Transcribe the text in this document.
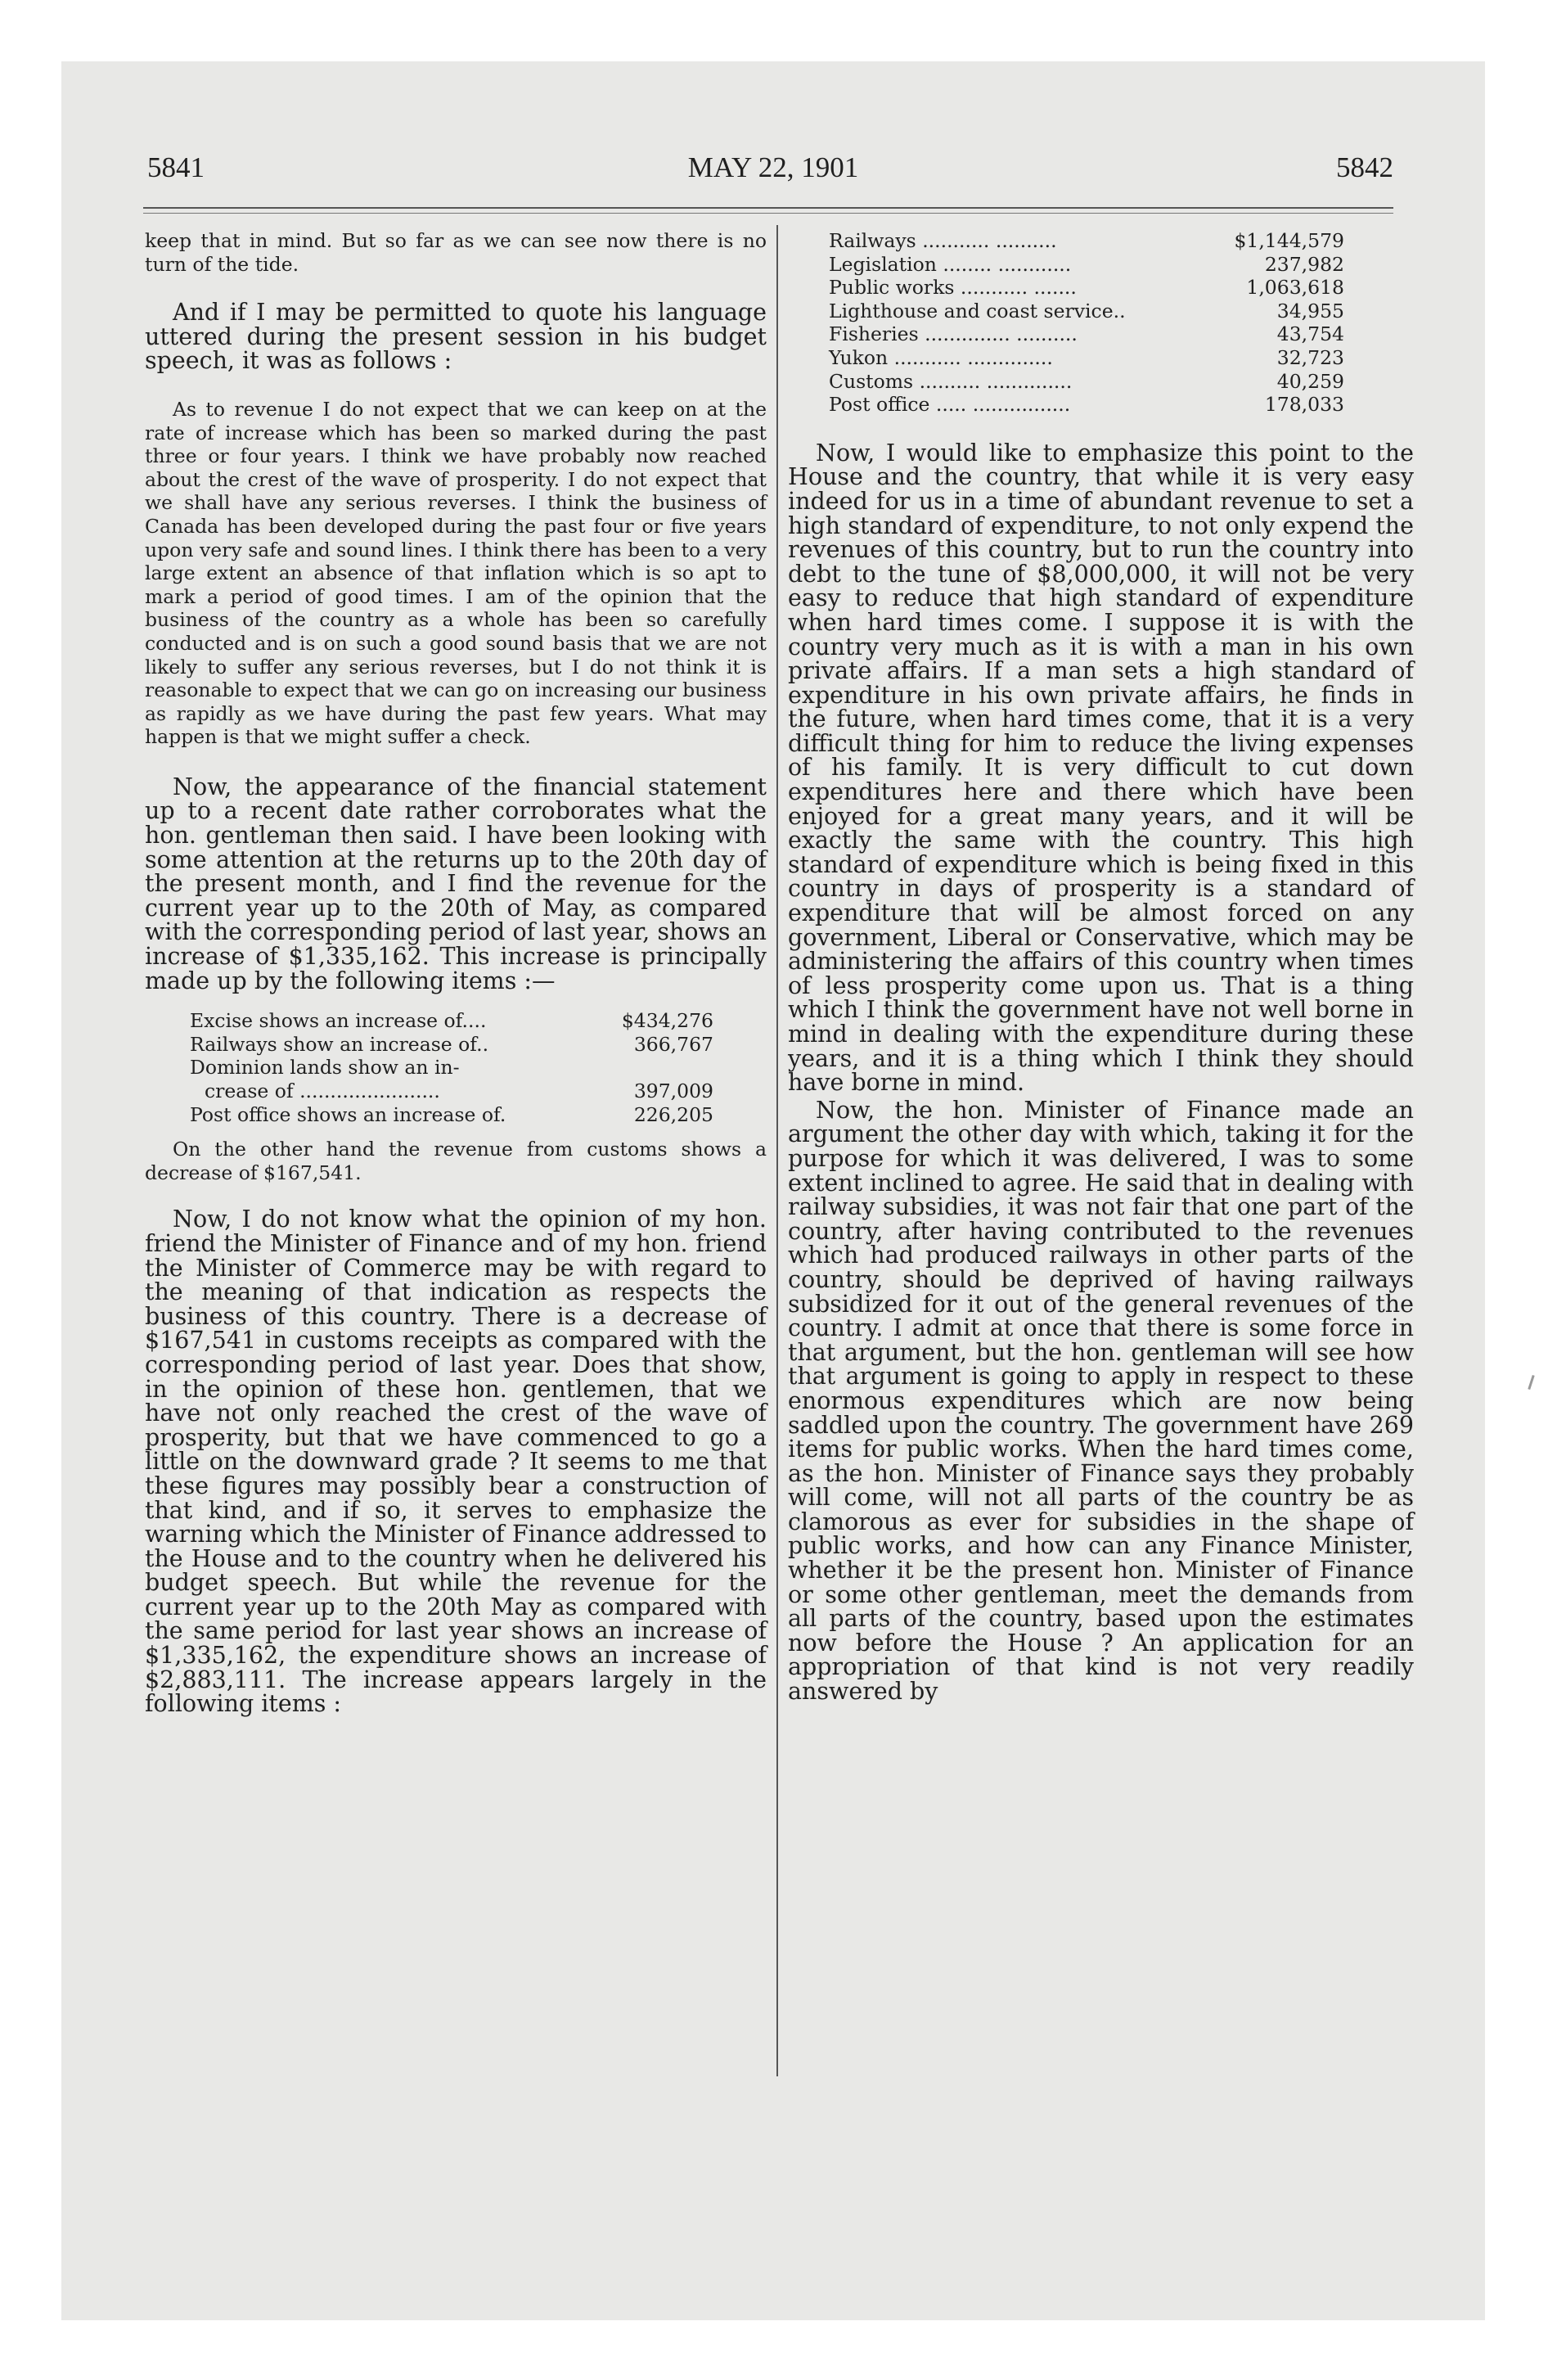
5841	MAY 22, 1901	5842

keep that in mind. But so far as we can see now there is no turn of the tide.

And if I may be permitted to quote his language uttered during the present session in his budget speech, it was as follows :

As to revenue I do not expect that we can keep on at the rate of increase which has been so marked during the past three or four years. I think we have probably now reached about the crest of the wave of prosperity. I do not expect that we shall have any serious reverses. I think the business of Canada has been developed during the past four or five years upon very safe and sound lines. I think there has been to a very large extent an absence of that inflation which is so apt to mark a period of good times. I am of the opinion that the business of the country as a whole has been so carefully conducted and is on such a good sound basis that we are not likely to suffer any serious reverses, but I do not think it is reasonable to expect that we can go on increasing our business as rapidly as we have during the past few years. What may happen is that we might suffer a check.

Now, the appearance of the financial statement up to a recent date rather corroborates what the hon. gentleman then said. I have been looking with some attention at the returns up to the 20th day of the present month, and I find the revenue for the current year up to the 20th of May, as compared with the corresponding period of last year, shows an increase of $1,335,162. This increase is principally made up by the following items :—

Excise shows an increase of....	$434,276
Railways show an increase of..	366,767
Dominion lands show an in-
crease of .......................	397,009
Post office shows an increase of.	226,205

On the other hand the revenue from customs shows a decrease of $167,541.

Now, I do not know what the opinion of my hon. friend the Minister of Finance and of my hon. friend the Minister of Commerce may be with regard to the meaning of that indication as respects the business of this country. There is a decrease of $167,541 in customs receipts as compared with the corresponding period of last year. Does that show, in the opinion of these hon. gentlemen, that we have not only reached the crest of the wave of prosperity, but that we have commenced to go a little on the downward grade ? It seems to me that these figures may possibly bear a construction of that kind, and if so, it serves to emphasize the warning which the Minister of Finance addressed to the House and to the country when he delivered his budget speech. But while the revenue for the current year up to the 20th May as compared with the same period for last year shows an increase of $1,335,162, the expenditure shows an increase of $2,883,111. The increase appears largely in the following items :

Railways ........... ..........	$1,144,579
Legislation ........ ............	237,982
Public works ........... .......	1,063,618
Lighthouse and coast service..	34,955
Fisheries .............. ..........	43,754
Yukon ........... ..............	32,723
Customs .......... ..............	40,259
Post office ..... ................	178,033

Now, I would like to emphasize this point to the House and the country, that while it is very easy indeed for us in a time of abundant revenue to set a high standard of expenditure, to not only expend the revenues of this country, but to run the country into debt to the tune of $8,000,000, it will not be very easy to reduce that high standard of expenditure when hard times come. I suppose it is with the country very much as it is with a man in his own private affairs. If a man sets a high standard of expenditure in his own private affairs, he finds in the future, when hard times come, that it is a very difficult thing for him to reduce the living expenses of his family. It is very difficult to cut down expenditures here and there which have been enjoyed for a great many years, and it will be exactly the same with the country. This high standard of expenditure which is being fixed in this country in days of prosperity is a standard of expenditure that will be almost forced on any government, Liberal or Conservative, which may be administering the affairs of this country when times of less prosperity come upon us. That is a thing which I think the government have not well borne in mind in dealing with the expenditure during these years, and it is a thing which I think they should have borne in mind.

Now, the hon. Minister of Finance made an argument the other day with which, taking it for the purpose for which it was delivered, I was to some extent inclined to agree. He said that in dealing with railway subsidies, it was not fair that one part of the country, after having contributed to the revenues which had produced railways in other parts of the country, should be deprived of having railways subsidized for it out of the general revenues of the country. I admit at once that there is some force in that argument, but the hon. gentleman will see how that argument is going to apply in respect to these enormous expenditures which are now being saddled upon the country. The government have 269 items for public works. When the hard times come, as the hon. Minister of Finance says they probably will come, will not all parts of the country be as clamorous as ever for subsidies in the shape of public works, and how can any Finance Minister, whether it be the present hon. Minister of Finance or some other gentleman, meet the demands from all parts of the country, based upon the estimates now before the House ? An application for an appropriation of that kind is not very readily answered by
